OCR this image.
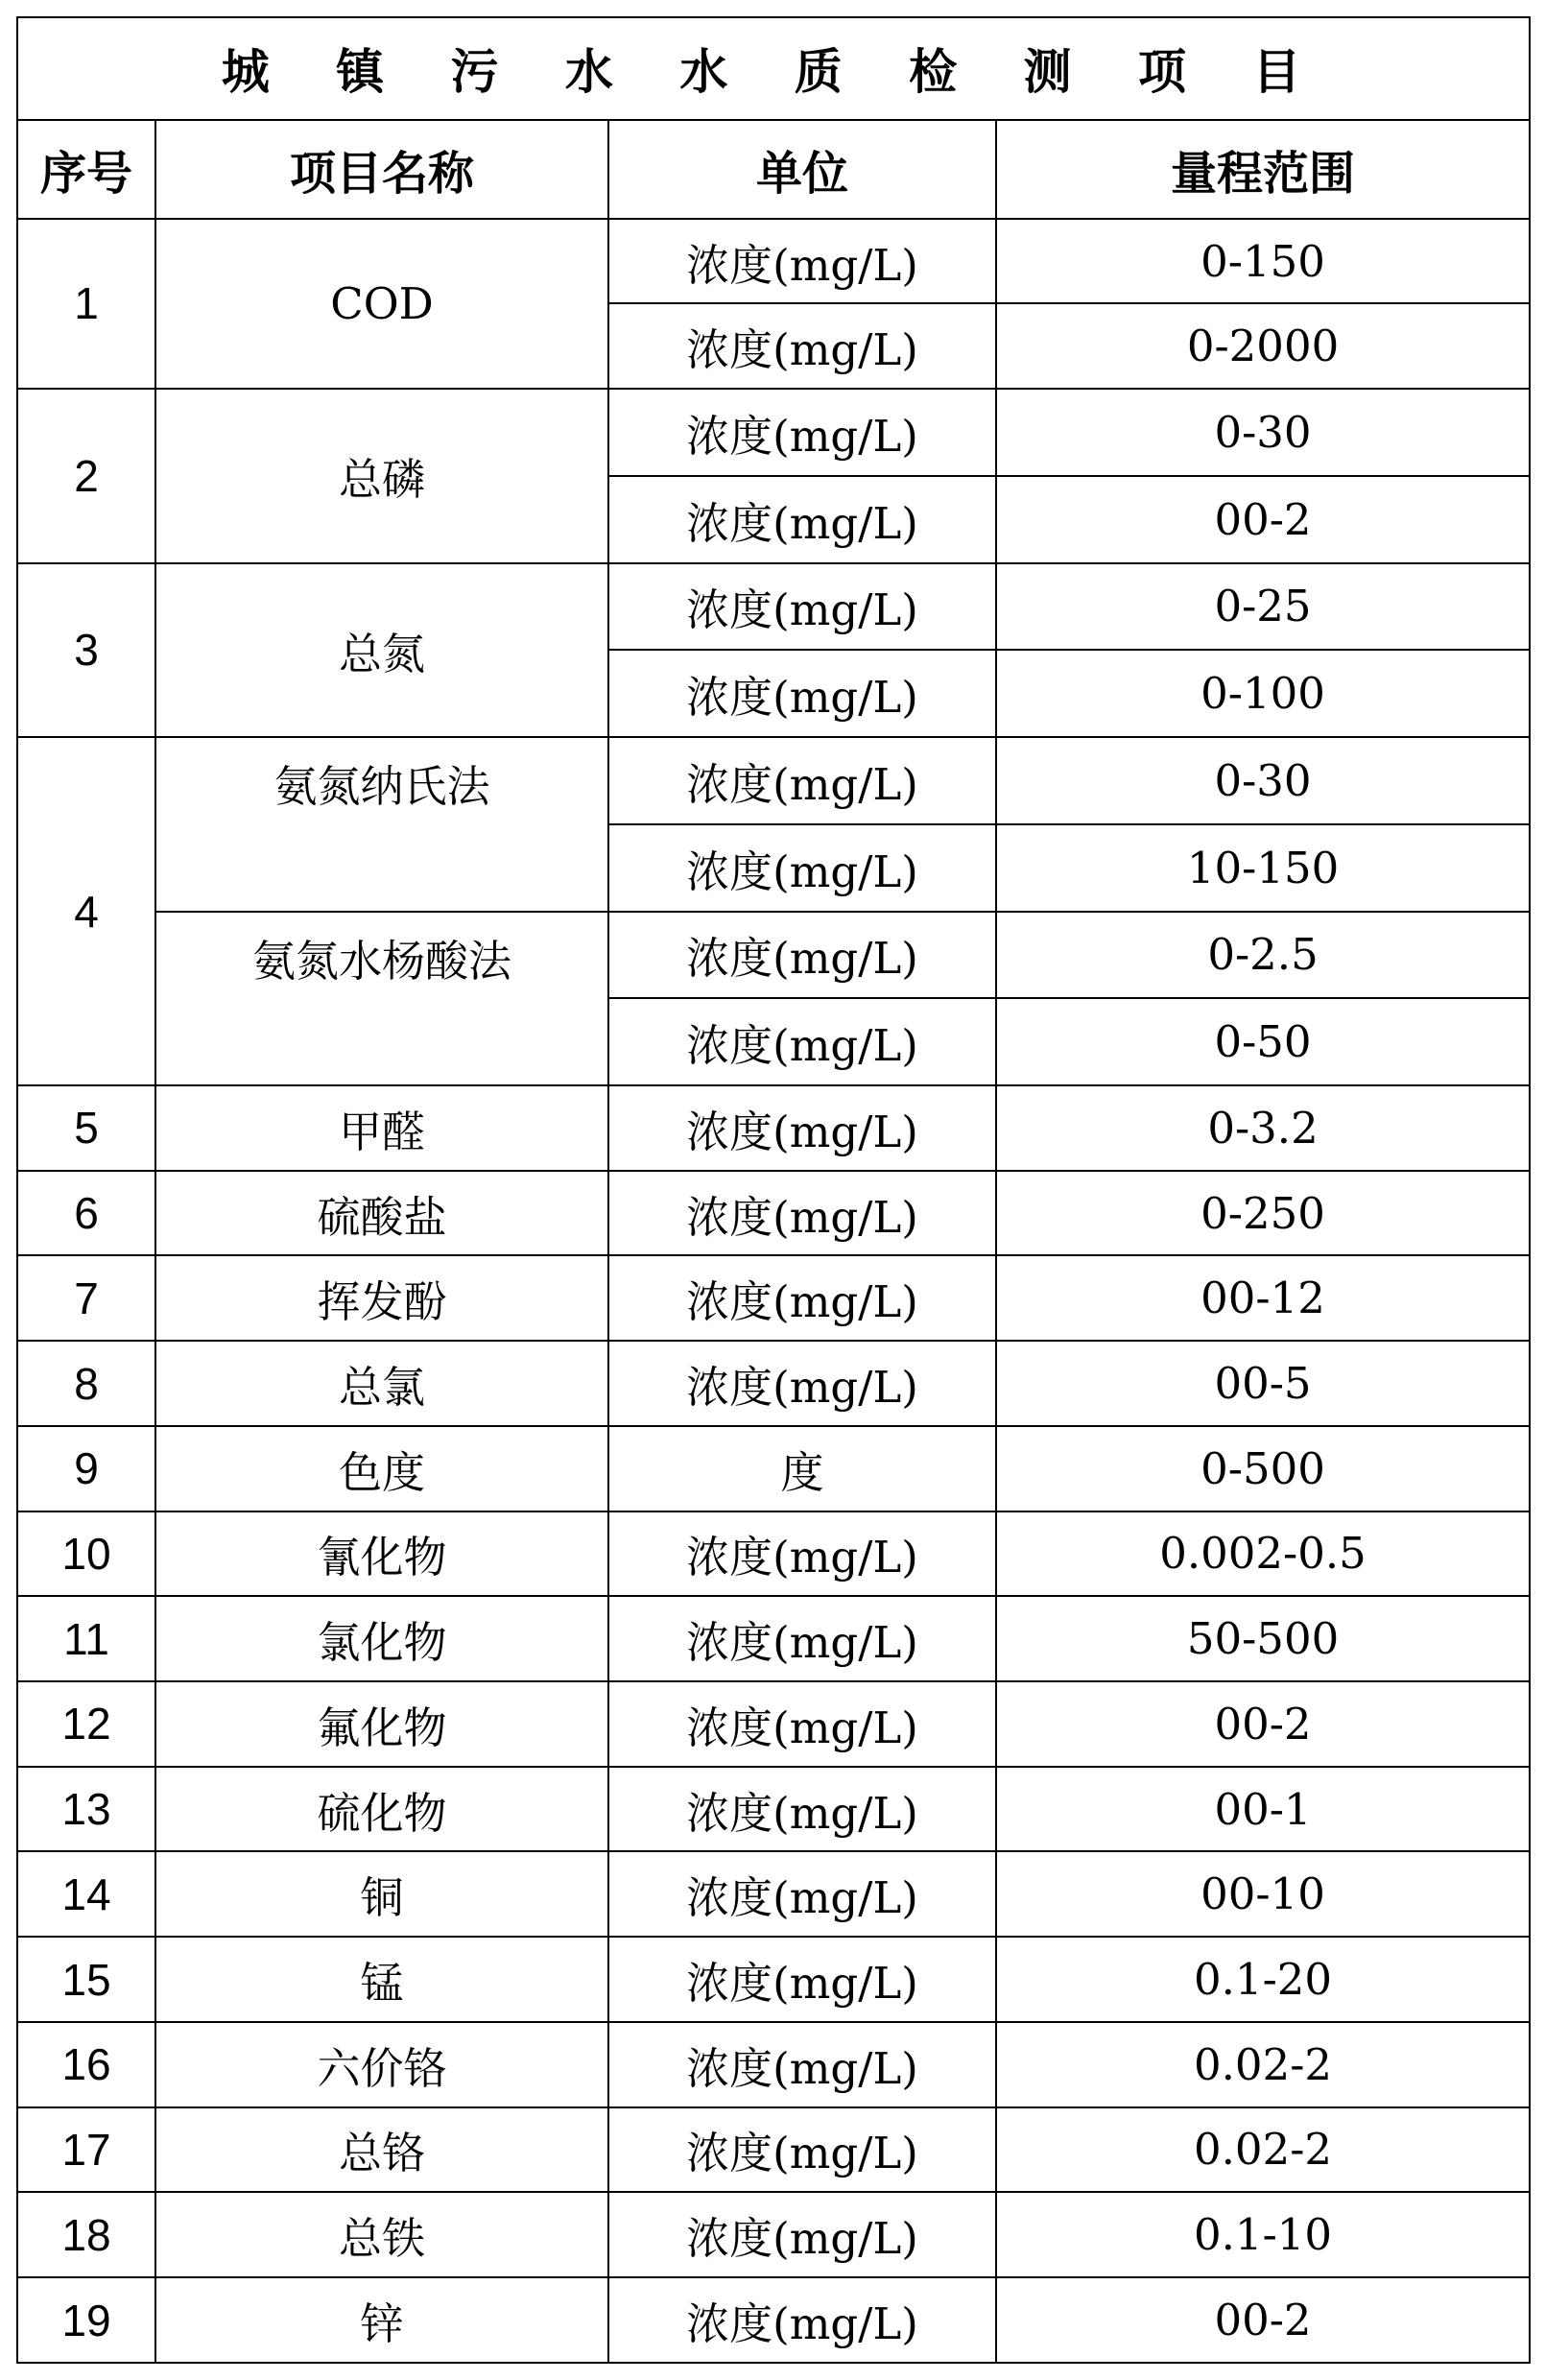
城 镇 污 水 水 质 检 测 项 目			
序号	项目名称	单位	量程范围
1	COD	浓度(mg/L)	0-150
		浓度(mg/L)	0-2000
2	总磷	浓度(mg/L)	0-30
		浓度(mg/L)	00-2
3	总氮	浓度(mg/L)	0-25
		浓度(mg/L)	0-100
4	氨氮纳氏法	浓度(mg/L)	0-30
		浓度(mg/L)	10-150
	氨氮水杨酸法	浓度(mg/L)	0-2.5
		浓度(mg/L)	0-50
5	甲醛	浓度(mg/L)	0-3.2
6	硫酸盐	浓度(mg/L)	0-250
7	挥发酚	浓度(mg/L)	00-12
8	总氯	浓度(mg/L)	00-5
9	色度	度	0-500
10	氰化物	浓度(mg/L)	0.002-0.5
11	氯化物	浓度(mg/L)	50-500
12	氟化物	浓度(mg/L)	00-2
13	硫化物	浓度(mg/L)	00-1
14	铜	浓度(mg/L)	00-10
15	锰	浓度(mg/L)	0.1-20
16	六价铬	浓度(mg/L)	0.02-2
17	总铬	浓度(mg/L)	0.02-2
18	总铁	浓度(mg/L)	0.1-10
19	锌	浓度(mg/L)	00-2
